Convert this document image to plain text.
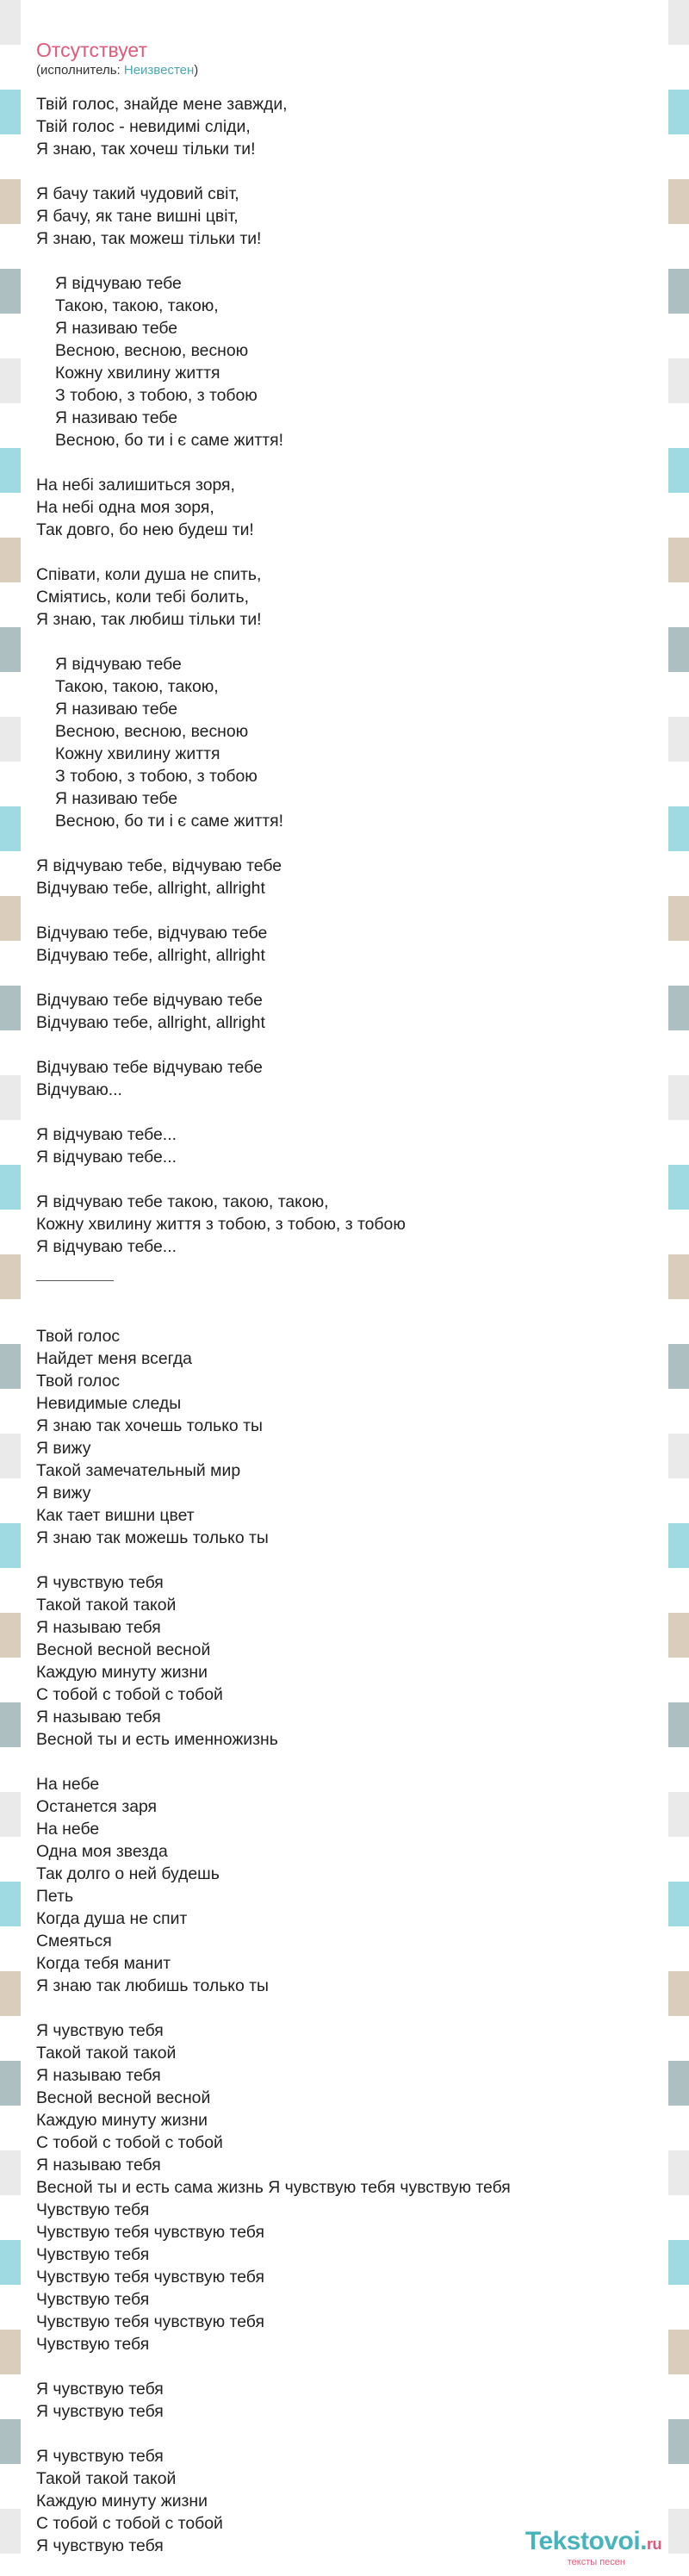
Отсутствует
(исполнитель: Неизвестен)
Твій голос, знайде мене завжди,
Твій голос - невидимі сліди,
Я знаю, так хочеш тільки ти!
Я бачу такий чудовий світ,
Я бачу, як тане вишні цвіт,
Я знаю, так можеш тільки ти!
Я відчуваю тебе
Такою, такою, такою,
Я називаю тебе
Весною, весною, весною
Кожну хвилину життя
З тобою, з тобою, з тобою
Я називаю тебе
Весною, бо ти і є саме життя!
На небі залишиться зоря,
На небі одна моя зоря,
Так довго, бо нею будеш ти!
Співати, коли душа не спить,
Сміятись, коли тебі болить,
Я знаю, так любиш тільки ти!
Я відчуваю тебе
Такою, такою, такою,
Я називаю тебе
Весною, весною, весною
Кожну хвилину життя
З тобою, з тобою, з тобою
Я називаю тебе
Весною, бо ти і є саме життя!
Я відчуваю тебе, відчуваю тебе
Відчуваю тебе, allright, allright
Відчуваю тебе, відчуваю тебе
Відчуваю тебе, allright, allright
Відчуваю тебе відчуваю тебе
Відчуваю тебе, allright, allright
Відчуваю тебе відчуваю тебе
Відчуваю...
Я відчуваю тебе...
Я відчуваю тебе...
Я відчуваю тебе такою, такою, такою,
Кожну хвилину життя з тобою, з тобою, з тобою
Я відчуваю тебе...
Твой голос
Найдет меня всегда
Твой голос
Невидимые следы
Я знаю так хочешь только ты
Я вижу
Такой замечательный мир
Я вижу
Как тает вишни цвет
Я знаю так можешь только ты
Я чувствую тебя
Такой такой такой
Я называю тебя
Весной весной весной
Каждую минуту жизни
С тобой с тобой с тобой
Я называю тебя
Весной ты и есть именножизнь
На небе
Останется заря
На небе
Одна моя звезда
Так долго о ней будешь
Петь
Когда душа не спит
Смеяться
Когда тебя манит
Я знаю так любишь только ты
Я чувствую тебя
Такой такой такой
Я называю тебя
Весной весной весной
Каждую минуту жизни
С тобой с тобой с тобой
Я называю тебя
Весной ты и есть сама жизнь Я чувствую тебя чувствую тебя
Чувствую тебя
Чувствую тебя чувствую тебя
Чувствую тебя
Чувствую тебя чувствую тебя
Чувствую тебя
Чувствую тебя чувствую тебя
Чувствую тебя
Я чувствую тебя
Я чувствую тебя
Я чувствую тебя
Такой такой такой
Каждую минуту жизни
С тобой с тобой с тобой
Я чувствую тебя	Tekstovoi.ru
тексты песен
